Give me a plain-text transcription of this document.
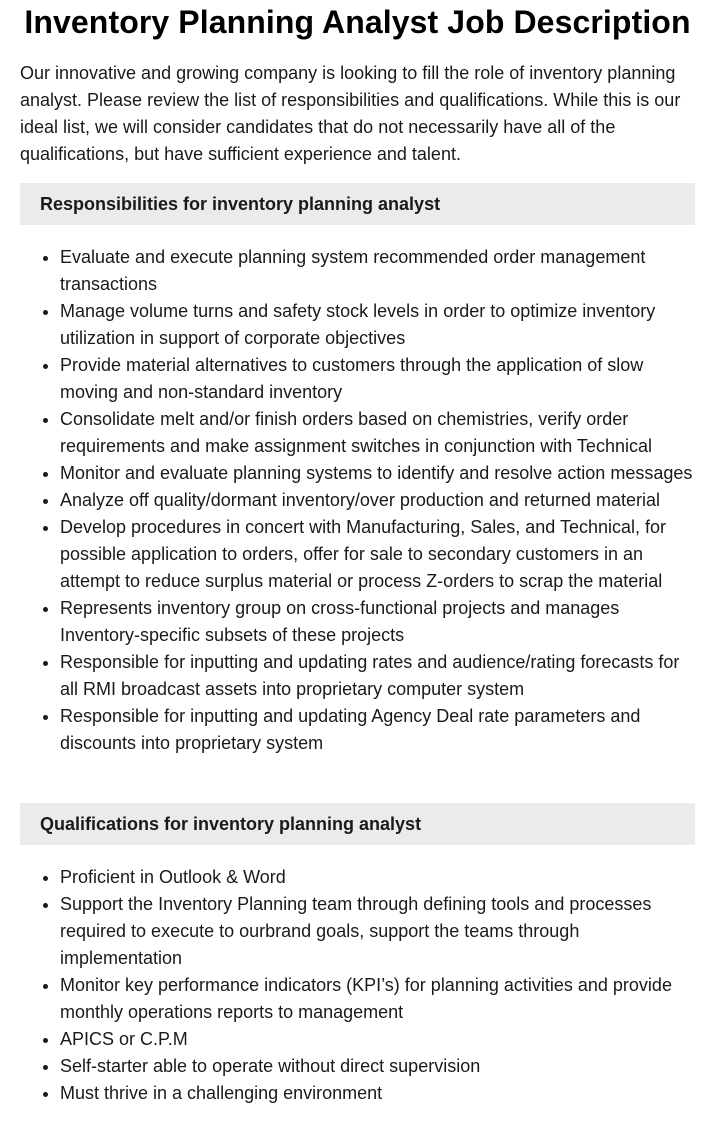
Inventory Planning Analyst Job Description

Our innovative and growing company is looking to fill the role of inventory planning analyst. Please review the list of responsibilities and qualifications. While this is our ideal list, we will consider candidates that do not necessarily have all of the qualifications, but have sufficient experience and talent.

Responsibilities for inventory planning analyst
• Evaluate and execute planning system recommended order management transactions
• Manage volume turns and safety stock levels in order to optimize inventory utilization in support of corporate objectives
• Provide material alternatives to customers through the application of slow moving and non-standard inventory
• Consolidate melt and/or finish orders based on chemistries, verify order requirements and make assignment switches in conjunction with Technical
• Monitor and evaluate planning systems to identify and resolve action messages
• Analyze off quality/dormant inventory/over production and returned material
• Develop procedures in concert with Manufacturing, Sales, and Technical, for possible application to orders, offer for sale to secondary customers in an attempt to reduce surplus material or process Z-orders to scrap the material
• Represents inventory group on cross-functional projects and manages Inventory-specific subsets of these projects
• Responsible for inputting and updating rates and audience/rating forecasts for all RMI broadcast assets into proprietary computer system
• Responsible for inputting and updating Agency Deal rate parameters and discounts into proprietary system
Qualifications for inventory planning analyst
• Proficient in Outlook & Word
• Support the Inventory Planning team through defining tools and processes required to execute to ourbrand goals, support the teams through implementation
• Monitor key performance indicators (KPI’s) for planning activities and provide monthly operations reports to management
• APICS or C.P.M
• Self-starter able to operate without direct supervision
• Must thrive in a challenging environment
